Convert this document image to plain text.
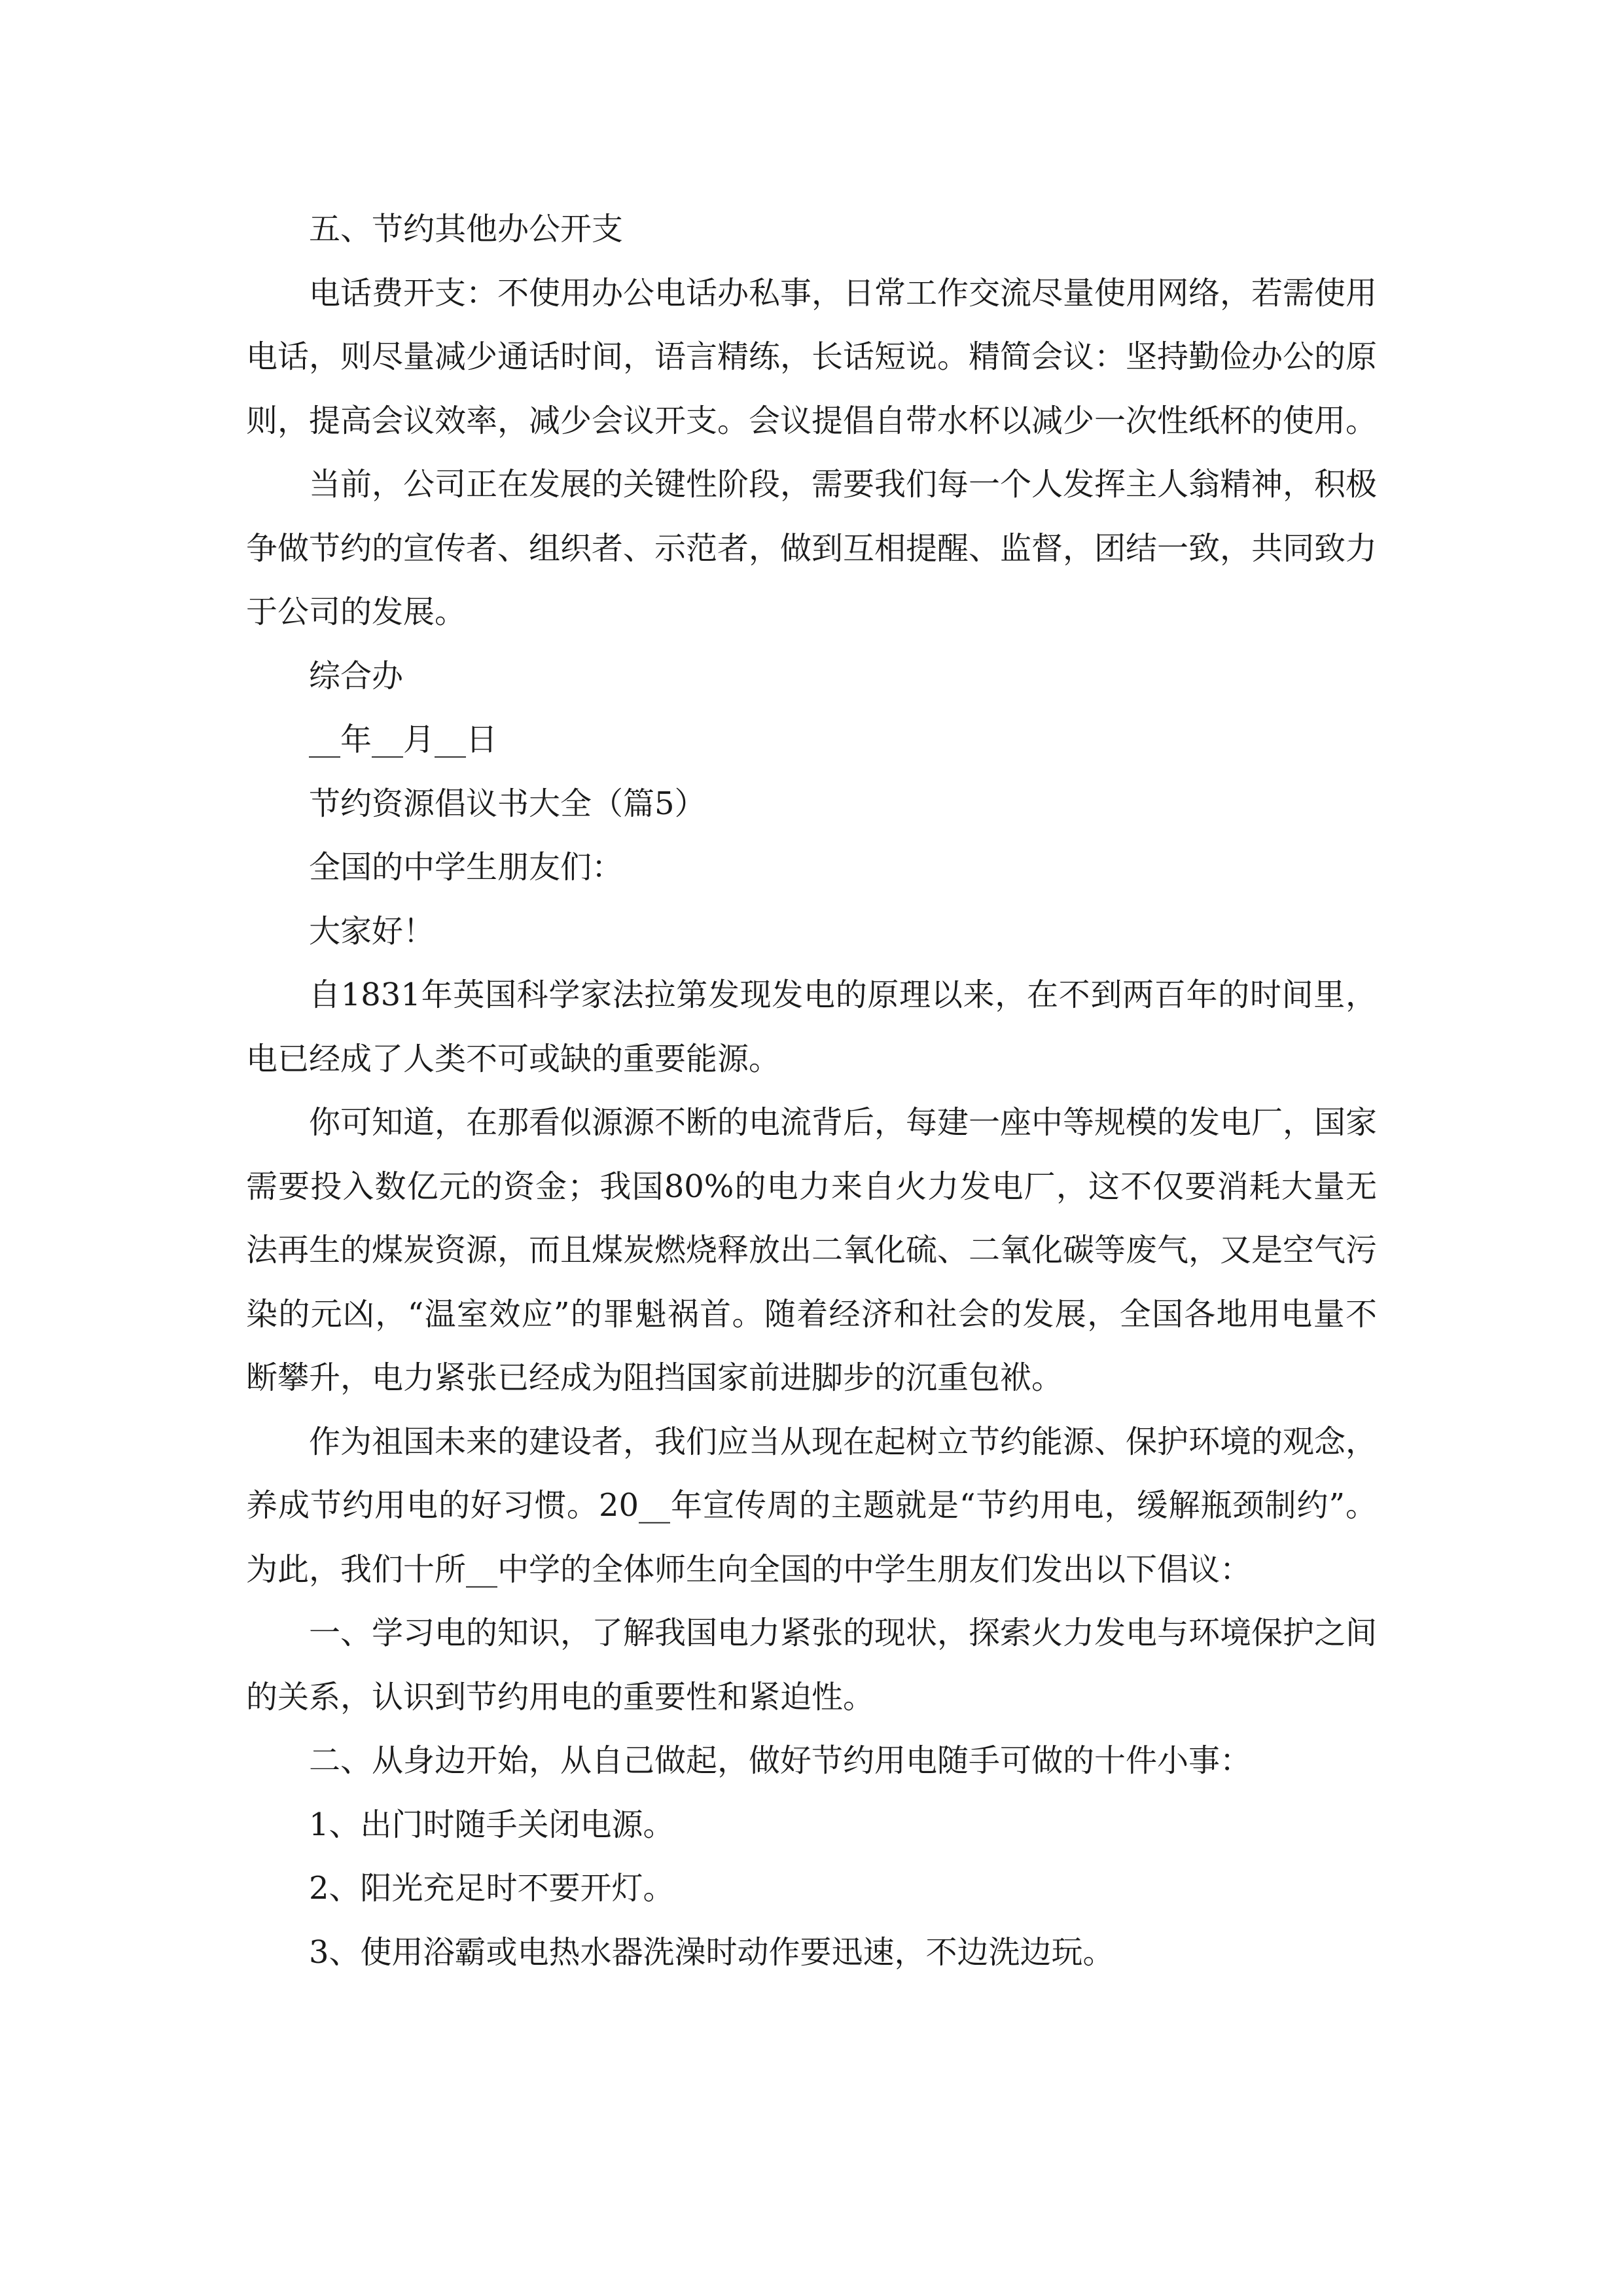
五、节约其他办公开支

电话费开支：不使用办公电话办私事，日常工作交流尽量使用网络，若需使用电话，则尽量减少通话时间，语言精练，长话短说。精简会议：坚持勤俭办公的原则，提高会议效率，减少会议开支。会议提倡自带水杯以减少一次性纸杯的使用。

当前，公司正在发展的关键性阶段，需要我们每一个人发挥主人翁精神，积极争做节约的宣传者、组织者、示范者，做到互相提醒、监督，团结一致，共同致力于公司的发展。

综合办

__年__月__日

节约资源倡议书大全（篇5）

全国的中学生朋友们：

大家好！

自1831年英国科学家法拉第发现发电的原理以来，在不到两百年的时间里，电已经成了人类不可或缺的重要能源。

你可知道，在那看似源源不断的电流背后，每建一座中等规模的发电厂，国家需要投入数亿元的资金；我国80%的电力来自火力发电厂，这不仅要消耗大量无法再生的煤炭资源，而且煤炭燃烧释放出二氧化硫、二氧化碳等废气，又是空气污染的元凶，“温室效应”的罪魁祸首。随着经济和社会的发展，全国各地用电量不断攀升，电力紧张已经成为阻挡国家前进脚步的沉重包袱。

作为祖国未来的建设者，我们应当从现在起树立节约能源、保护环境的观念，养成节约用电的好习惯。20__年宣传周的主题就是“节约用电，缓解瓶颈制约”。为此，我们十所__中学的全体师生向全国的中学生朋友们发出以下倡议：

一、学习电的知识，了解我国电力紧张的现状，探索火力发电与环境保护之间的关系，认识到节约用电的重要性和紧迫性。

二、从身边开始，从自己做起，做好节约用电随手可做的十件小事：

1、出门时随手关闭电源。

2、阳光充足时不要开灯。

3、使用浴霸或电热水器洗澡时动作要迅速，不边洗边玩。
